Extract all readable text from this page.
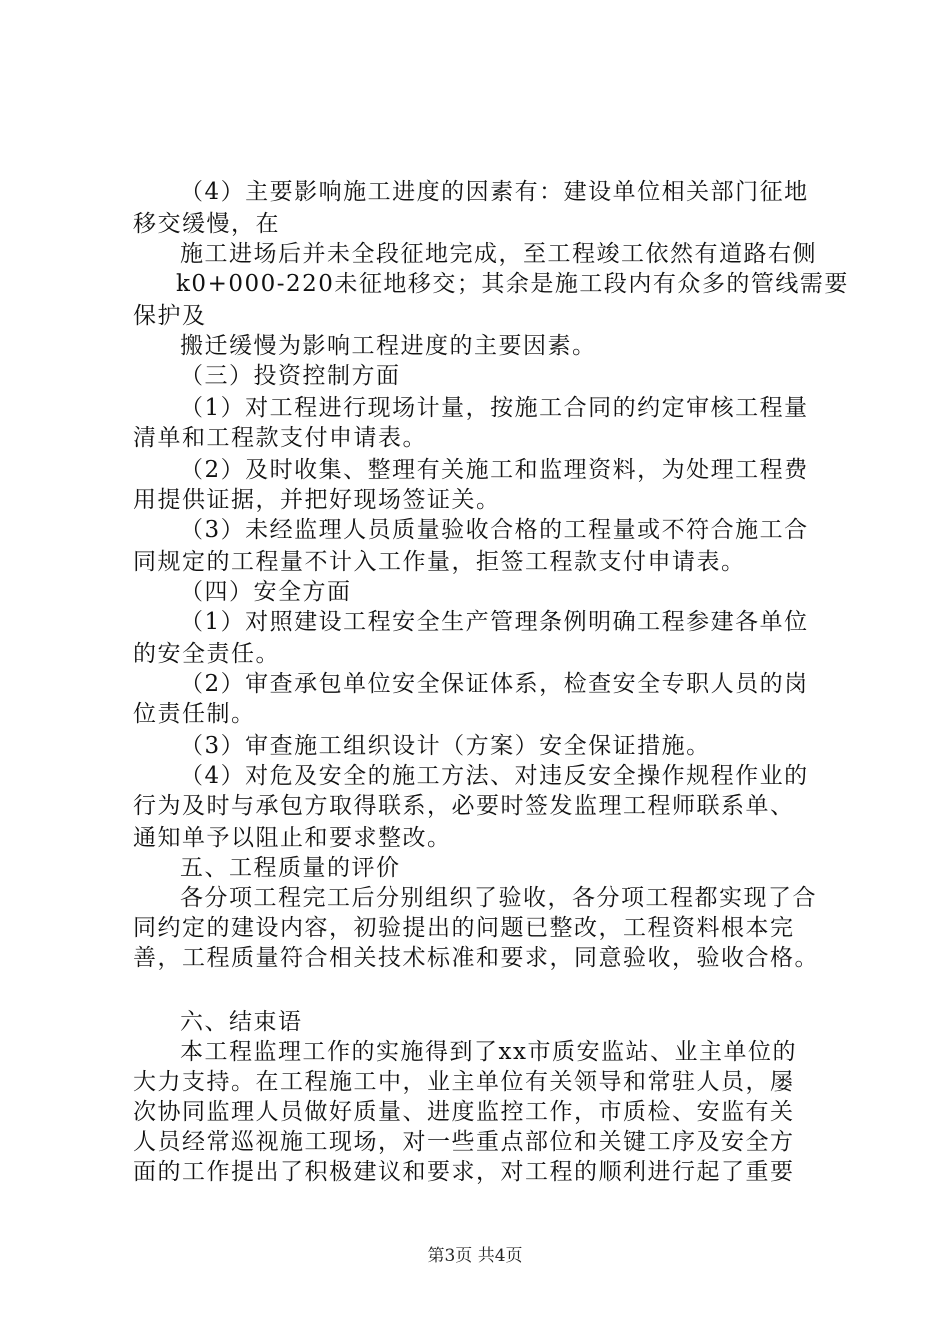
（4）主要影响施工进度的因素有：建设单位相关部门征地
移交缓慢，在
施工进场后并未全段征地完成，至工程竣工依然有道路右侧
k0+000-220未征地移交；其余是施工段内有众多的管线需要
保护及
搬迁缓慢为影响工程进度的主要因素。
（三）投资控制方面
（1）对工程进行现场计量，按施工合同的约定审核工程量
清单和工程款支付申请表。
（2）及时收集、整理有关施工和监理资料，为处理工程费
用提供证据，并把好现场签证关。
（3）未经监理人员质量验收合格的工程量或不符合施工合
同规定的工程量不计入工作量，拒签工程款支付申请表。
（四）安全方面
（1）对照建设工程安全生产管理条例明确工程参建各单位
的安全责任。
（2）审查承包单位安全保证体系，检查安全专职人员的岗
位责任制。
（3）审查施工组织设计（方案）安全保证措施。
（4）对危及安全的施工方法、对违反安全操作规程作业的
行为及时与承包方取得联系，必要时签发监理工程师联系单、
通知单予以阻止和要求整改。
五、工程质量的评价
各分项工程完工后分别组织了验收，各分项工程都实现了合
同约定的建设内容，初验提出的问题已整改，工程资料根本完
善，工程质量符合相关技术标准和要求，同意验收，验收合格。
六、结束语
本工程监理工作的实施得到了xx市质安监站、业主单位的
大力支持。在工程施工中，业主单位有关领导和常驻人员，屡
次协同监理人员做好质量、进度监控工作，市质检、安监有关
人员经常巡视施工现场，对一些重点部位和关键工序及安全方
面的工作提出了积极建议和要求，对工程的顺利进行起了重要
第3页 共4页
